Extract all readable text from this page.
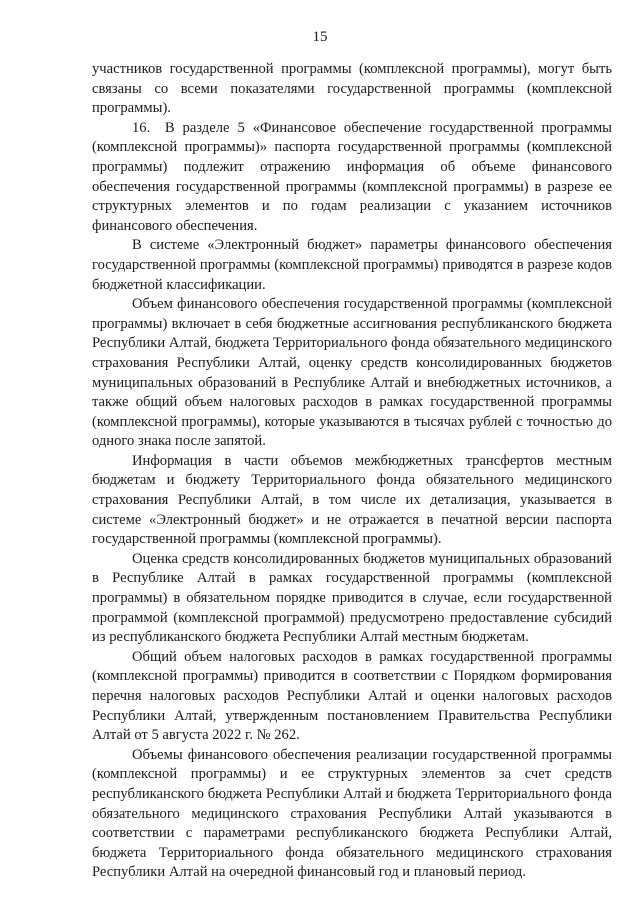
15

участников государственной программы (комплексной программы), могут быть связаны со всеми показателями государственной программы (комплексной программы).

16. В разделе 5 «Финансовое обеспечение государственной программы (комплексной программы)» паспорта государственной программы (комплексной программы) подлежит отражению информация об объеме финансового обеспечения государственной программы (комплексной программы) в разрезе ее структурных элементов и по годам реализации с указанием источников финансового обеспечения.

В системе «Электронный бюджет» параметры финансового обеспечения государственной программы (комплексной программы) приводятся в разрезе кодов бюджетной классификации.

Объем финансового обеспечения государственной программы (комплексной программы) включает в себя бюджетные ассигнования республиканского бюджета Республики Алтай, бюджета Территориального фонда обязательного медицинского страхования Республики Алтай, оценку средств консолидированных бюджетов муниципальных образований в Республике Алтай и внебюджетных источников, а также общий объем налоговых расходов в рамках государственной программы (комплексной программы), которые указываются в тысячах рублей с точностью до одного знака после запятой.

Информация в части объемов межбюджетных трансфертов местным бюджетам и бюджету Территориального фонда обязательного медицинского страхования Республики Алтай, в том числе их детализация, указывается в системе «Электронный бюджет» и не отражается в печатной версии паспорта государственной программы (комплексной программы).

Оценка средств консолидированных бюджетов муниципальных образований в Республике Алтай в рамках государственной программы (комплексной программы) в обязательном порядке приводится в случае, если государственной программой (комплексной программой) предусмотрено предоставление субсидий из республиканского бюджета Республики Алтай местным бюджетам.

Общий объем налоговых расходов в рамках государственной программы (комплексной программы) приводится в соответствии с Порядком формирования перечня налоговых расходов Республики Алтай и оценки налоговых расходов Республики Алтай, утвержденным постановлением Правительства Республики Алтай от 5 августа 2022 г. № 262.

Объемы финансового обеспечения реализации государственной программы (комплексной программы) и ее структурных элементов за счет средств республиканского бюджета Республики Алтай и бюджета Территориального фонда обязательного медицинского страхования Республики Алтай указываются в соответствии с параметрами республиканского бюджета Республики Алтай, бюджета Территориального фонда обязательного медицинского страхования Республики Алтай на очередной финансовый год и плановый период.
